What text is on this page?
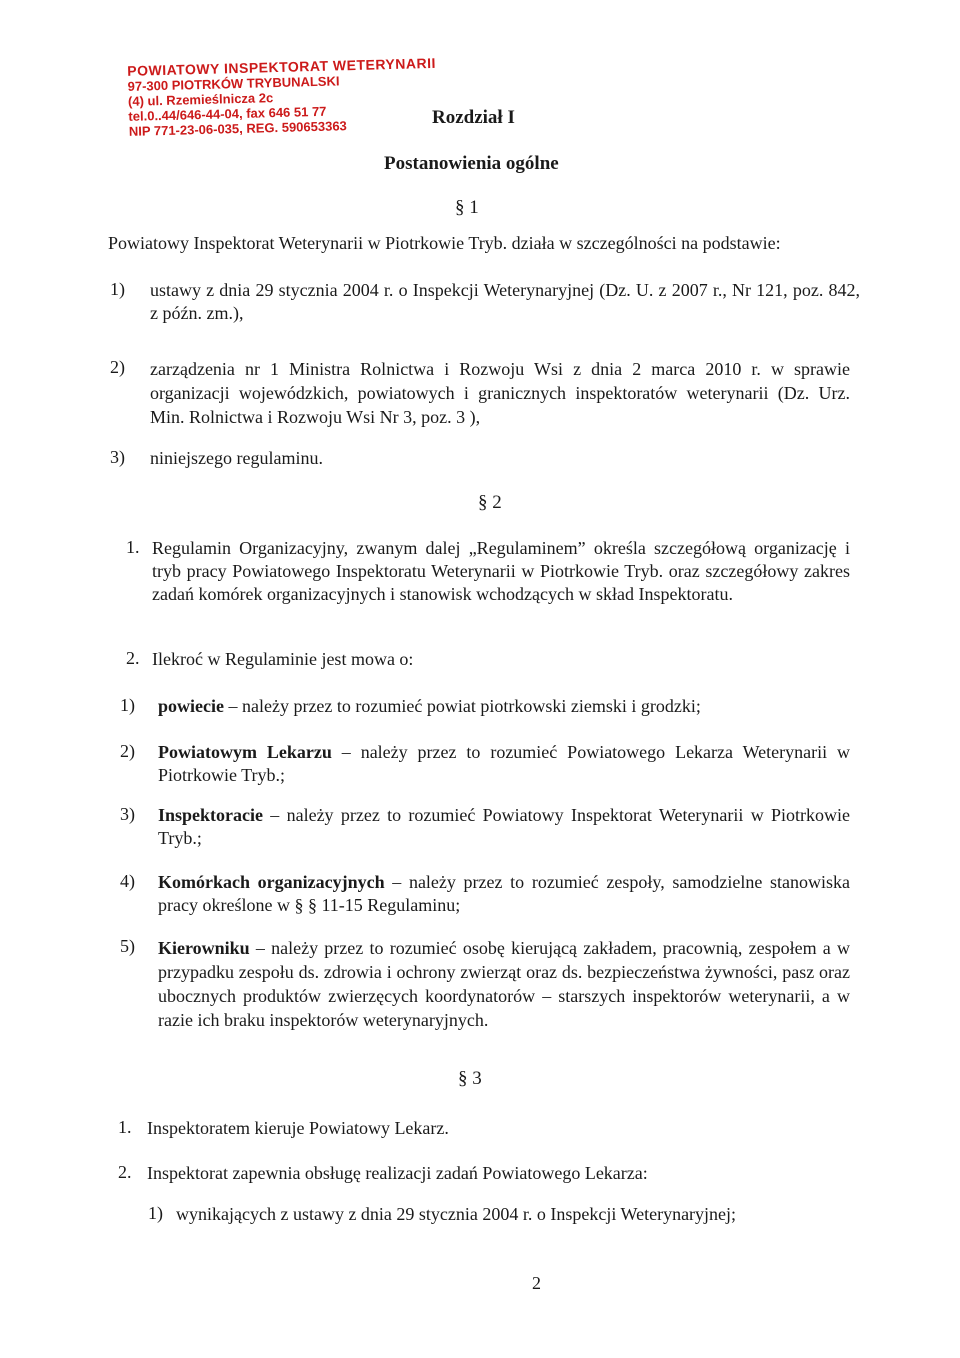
POWIATOWY INSPEKTORAT WETERYNARII
97-300 PIOTRKÓW TRYBUNALSKI
(4) ul. Rzemieślnicza 2c
tel.0..44/646-44-04, fax 646 51 77
NIP 771-23-06-035, REG. 590653363
Rozdział I
Postanowienia ogólne
§ 1
Powiatowy Inspektorat Weterynarii w Piotrkowie Tryb. działa w szczególności na podstawie:
1) ustawy z dnia 29 stycznia 2004 r. o Inspekcji Weterynaryjnej (Dz. U. z 2007 r., Nr 121, poz. 842, z późn. zm.),
2) zarządzenia nr 1 Ministra Rolnictwa i Rozwoju Wsi z dnia 2 marca 2010 r. w sprawie organizacji wojewódzkich, powiatowych i granicznych inspektoratów weterynarii (Dz. Urz. Min. Rolnictwa i Rozwoju Wsi Nr 3, poz. 3 ),
3) niniejszego regulaminu.
§ 2
1. Regulamin Organizacyjny, zwanym dalej „Regulaminem” określa szczegółową organizację i tryb pracy Powiatowego Inspektoratu Weterynarii w Piotrkowie Tryb. oraz szczegółowy zakres zadań komórek organizacyjnych i stanowisk wchodzących w skład Inspektoratu.
2. Ilekroć w Regulaminie jest mowa o:
1) powiecie – należy przez to rozumieć powiat piotrkowski ziemski i grodzki;
2) Powiatowym Lekarzu – należy przez to rozumieć Powiatowego Lekarza Weterynarii w Piotrkowie Tryb.;
3) Inspektoracie – należy przez to rozumieć Powiatowy Inspektorat Weterynarii w Piotrkowie Tryb.;
4) Komórkach organizacyjnych – należy przez to rozumieć zespoły, samodzielne stanowiska pracy określone w § § 11-15 Regulaminu;
5) Kierowniku – należy przez to rozumieć osobę kierującą zakładem, pracownią, zespołem a w przypadku zespołu ds. zdrowia i ochrony zwierząt oraz ds. bezpieczeństwa żywności, pasz oraz ubocznych produktów zwierzęcych koordynatorów – starszych inspektorów weterynarii, a w razie ich braku inspektorów weterynaryjnych.
§ 3
1. Inspektoratem kieruje Powiatowy Lekarz.
2. Inspektorat zapewnia obsługę realizacji zadań Powiatowego Lekarza:
1) wynikających z ustawy z dnia 29 stycznia 2004 r. o Inspekcji Weterynaryjnej;
2
